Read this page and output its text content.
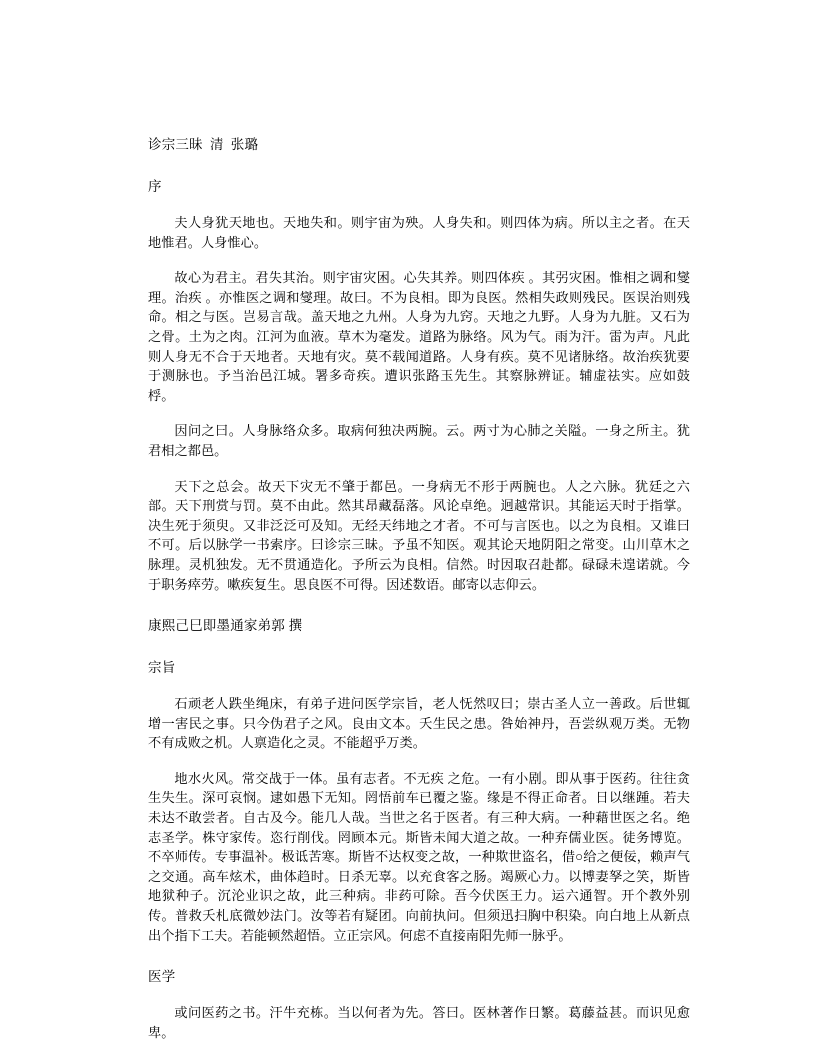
诊宗三昧  清  张璐
序

夫人身犹天地也。天地失和。则宇宙为殃。人身失和。则四体为病。所以主之者。在天地惟君。人身惟心。

故心为君主。君失其治。则宇宙灾困。心失其养。则四体疾 。其弜灾困。惟相之调和燮理。治疾 。亦惟医之调和燮理。故曰。不为良相。即为良医。然相失政则残民。医误治则残命。相之与医。岂易言哉。盖天地之九州。人身为九窍。天地之九野。人身为九脏。又石为之骨。土为之肉。江河为血液。草木为毫发。道路为脉络。风为气。雨为汗。雷为声。凡此则人身无不合于天地者。天地有灾。莫不载闻道路。人身有疾。莫不见诸脉络。故治疾犹要于测脉也。予当治邑江城。署多奇疾。遭识张路玉先生。其察脉辨证。辅虚祛实。应如鼓桴。

因问之曰。人身脉络众多。取病何独决两腕。云。两寸为心肺之关隘。一身之所主。犹君相之都邑。

天下之总会。故天下灾无不肇于都邑。一身病无不形于两腕也。人之六脉。犹廷之六部。天下刑赏与罚。莫不由此。然其昂藏磊落。风论卓绝。迥越常识。其能运天时于指掌。决生死于须臾。又非泛泛可及知。无经天纬地之才者。不可与言医也。以之为良相。又谁曰不可。后以脉学一书索序。曰诊宗三昧。予虽不知医。观其论天地阴阳之常变。山川草木之脉理。灵机独发。无不贯通造化。予所云为良相。信然。时因取召赴都。碌碌未遑诺就。今于职务瘁劳。嗽疾复生。思良医不可得。因述数语。邮寄以志仰云。

康熙己巳即墨通家弟郭 撰
宗旨

石顽老人跌坐绳床，有弟子进问医学宗旨，老人怃然叹曰；崇古圣人立一善政。后世辄增一害民之事。只今伪君子之风。良由文本。夭生民之患。咎始神丹，吾尝纵观万类。无物不有成败之机。人禀造化之灵。不能超乎万类。

地水火风。常交战于一体。虽有志者。不无疾 之危。一有小剧。即从事于医药。往往贪生失生。深可哀悯。逮如愚下无知。罔悟前车已覆之鉴。缘是不得正命者。日以继踵。若夫未达不敢尝者。自古及今。能几人哉。当世之名于医者。有三种大病。一种藉世医之名。绝志圣学。株守家传。恣行削伐。罔顾本元。斯皆未闻大道之故。一种弃儒业医。徒务博览。不卒师传。专事温补。极诋苦寒。斯皆不达权变之故，一种欺世盗名，借○给之便佞，赖声气之交通。高车炫术，曲体趋时。日杀无辜。以充食客之肠。竭厥心力。以博妻孥之笑，斯皆地狱种子。沉沦业识之故，此三种病。非药可除。吾今伏医王力。运六通智。开个教外别传。普救夭札底微妙法门。汝等若有疑团。向前执问。但须迅扫胸中积染。向白地上从新点出个指下工夫。若能顿然超悟。立正宗风。何虑不直接南阳先师一脉乎。

医学

或问医药之书。汗牛充栋。当以何者为先。答曰。医林著作日繁。葛藤益甚。而识见愈卑。
